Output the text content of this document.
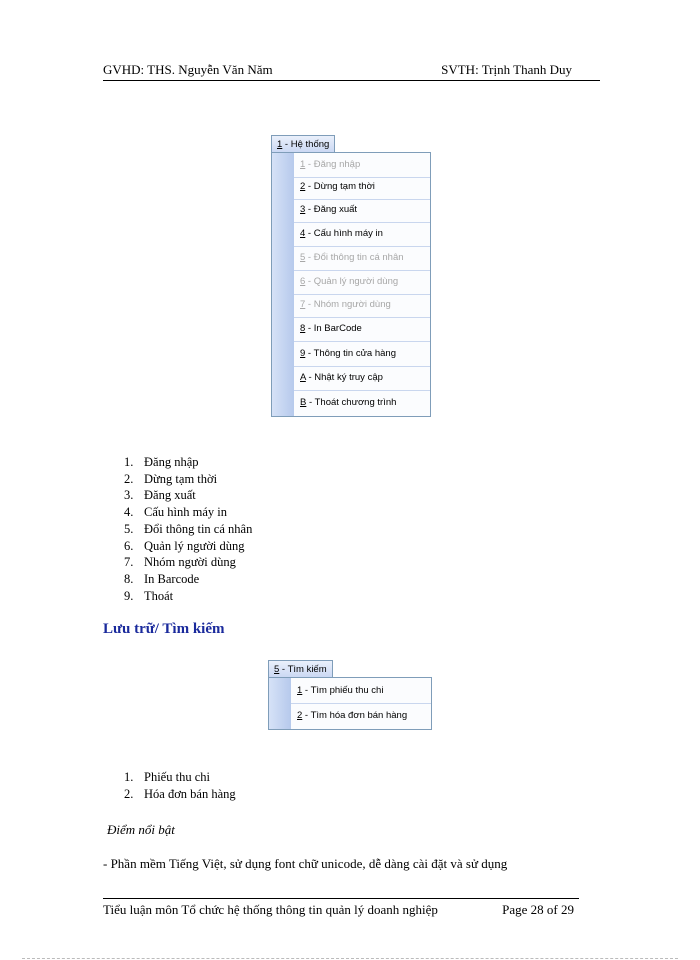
GVHD: THS. Nguyễn Văn Năm	SVTH: Trịnh Thanh Duy
1 - Hệ thống
1 - Đăng nhập
2 - Dừng tạm thời
3 - Đăng xuất
4 - Cấu hình máy in
5 - Đổi thông tin cá nhân
6 - Quản lý người dùng
7 - Nhóm người dùng
8 - In BarCode
9 - Thông tin cửa hàng
A - Nhật ký truy cập
B - Thoát chương trình
1. Đăng nhập
2. Dừng tạm thời
3. Đăng xuất
4. Cấu hình máy in
5. Đổi thông tin cá nhân
6. Quản lý người dùng
7. Nhóm người dùng
8. In Barcode
9. Thoát
Lưu trữ/ Tìm kiếm
5 - Tìm kiếm
1 - Tìm phiếu thu chi
2 - Tìm hóa đơn bán hàng
1. Phiếu thu chi
2. Hóa đơn bán hàng
Điểm nổi bật
- Phần mềm Tiếng Việt, sử dụng font chữ unicode, dễ dàng cài đặt và sử dụng
Tiểu luận môn Tổ chức hệ thống thông tin quản lý doanh nghiệp	Page 28 of 29
